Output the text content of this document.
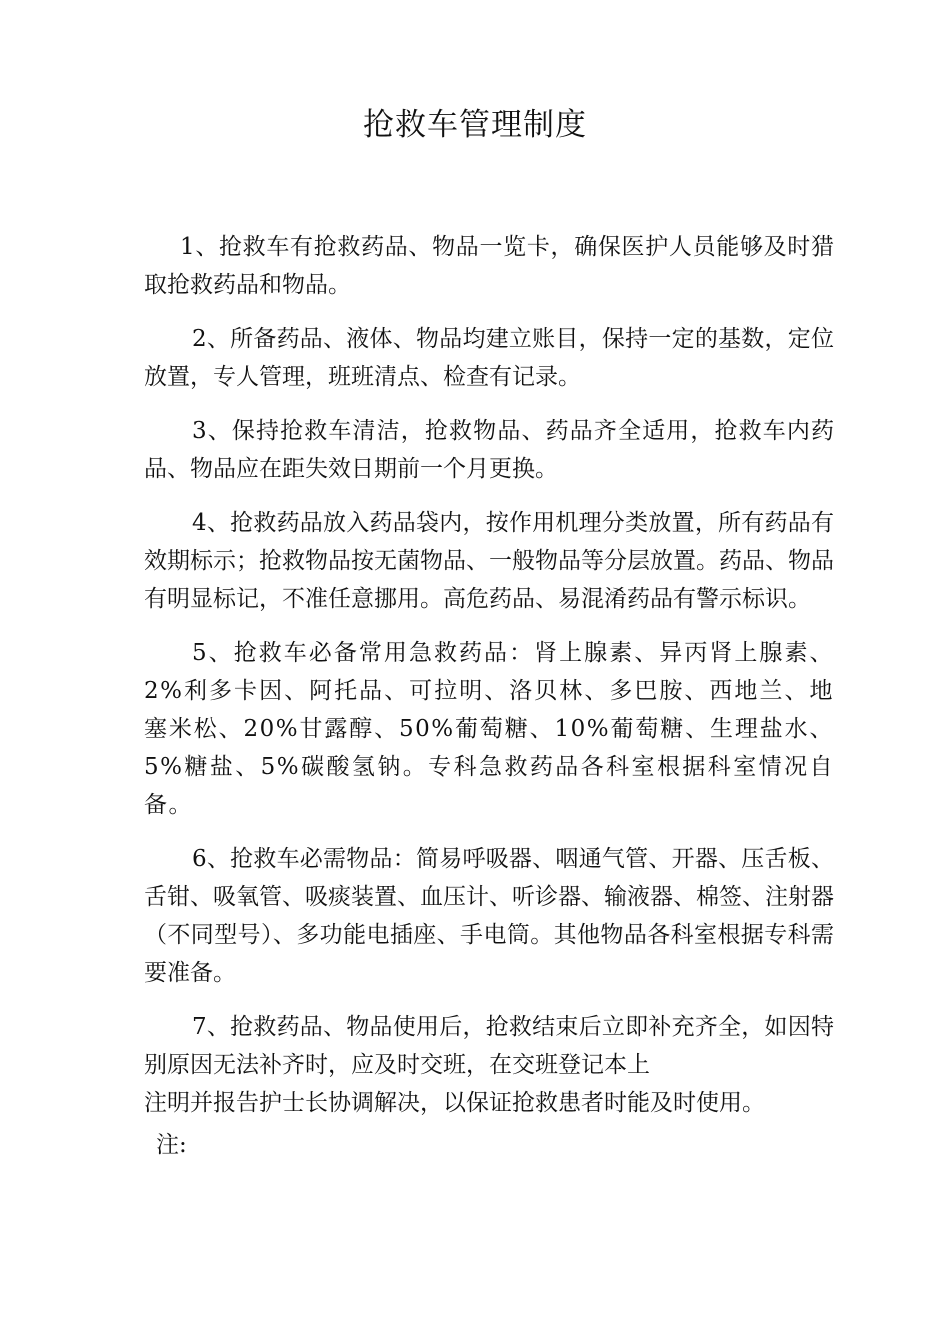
抢救车管理制度

1、抢救车有抢救药品、物品一览卡，确保医护人员能够及时猎取抢救药品和物品。

2、所备药品、液体、物品均建立账目，保持一定的基数，定位放置，专人管理，班班清点、检查有记录。

3、保持抢救车清洁，抢救物品、药品齐全适用，抢救车内药品、物品应在距失效日期前一个月更换。

4、抢救药品放入药品袋内，按作用机理分类放置，所有药品有效期标示；抢救物品按无菌物品、一般物品等分层放置。药品、物品有明显标记，不准任意挪用。高危药品、易混淆药品有警示标识。

5、抢救车必备常用急救药品：肾上腺素、异丙肾上腺素、2%利多卡因、阿托品、可拉明、洛贝林、多巴胺、西地兰、地塞米松、20%甘露醇、50%葡萄糖、10%葡萄糖、生理盐水、5%糖盐、5%碳酸氢钠。专科急救药品各科室根据科室情况自备。

6、抢救车必需物品：简易呼吸器、咽通气管、开器、压舌板、舌钳、吸氧管、吸痰装置、血压计、听诊器、输液器、棉签、注射器（不同型号）、多功能电插座、手电筒。其他物品各科室根据专科需要准备。

7、抢救药品、物品使用后，抢救结束后立即补充齐全，如因特别原因无法补齐时，应及时交班，在交班登记本上
注明并报告护士长协调解决，以保证抢救患者时能及时使用。

注:
